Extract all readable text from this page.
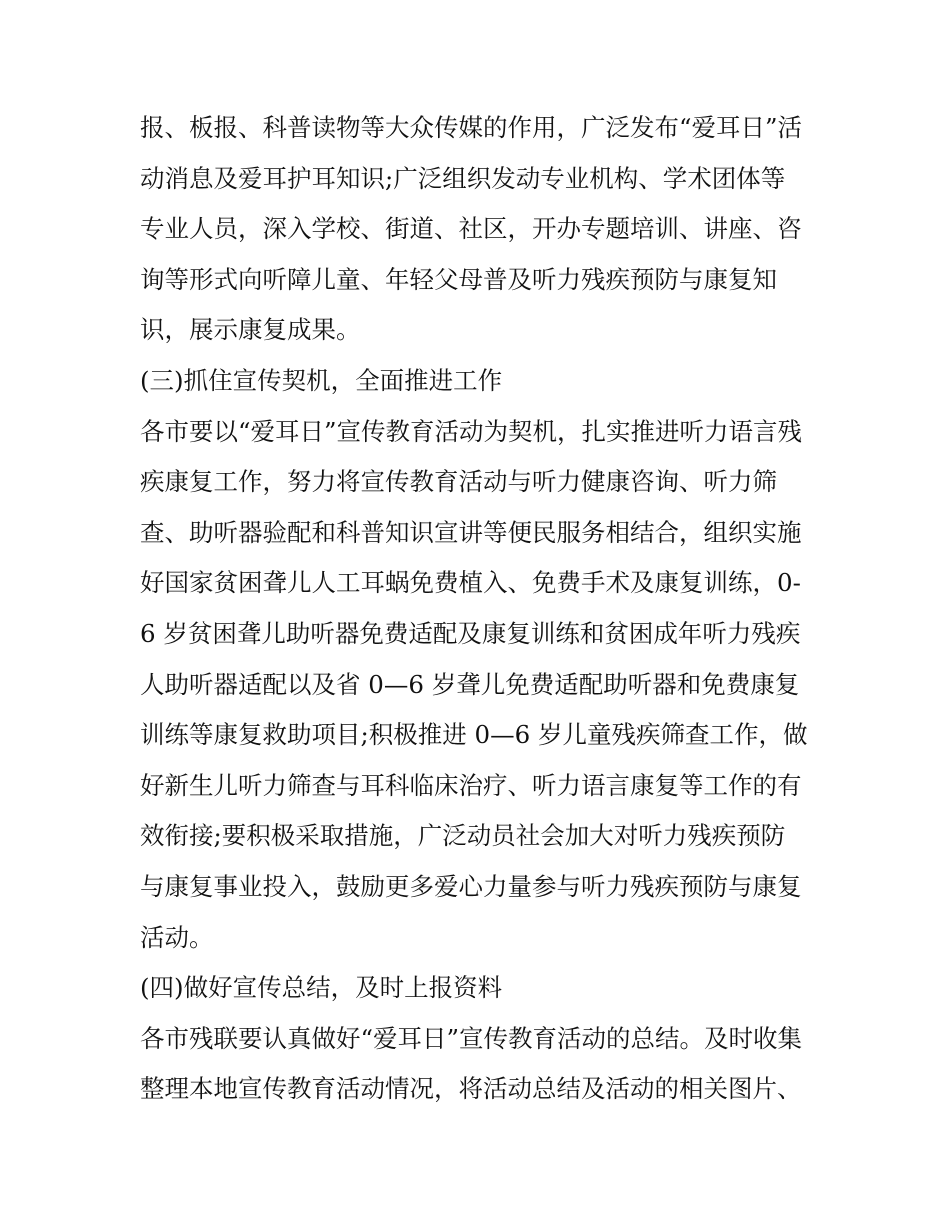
报、板报、科普读物等大众传媒的作用，广泛发布“爱耳日”活
动消息及爱耳护耳知识;广泛组织发动专业机构、学术团体等
专业人员，深入学校、街道、社区，开办专题培训、讲座、咨
询等形式向听障儿童、年轻父母普及听力残疾预防与康复知
识，展示康复成果。
(三)抓住宣传契机，全面推进工作
各市要以“爱耳日”宣传教育活动为契机，扎实推进听力语言残
疾康复工作，努力将宣传教育活动与听力健康咨询、听力筛
查、助听器验配和科普知识宣讲等便民服务相结合，组织实施
好国家贫困聋儿人工耳蜗免费植入、免费手术及康复训练，0-
6 岁贫困聋儿助听器免费适配及康复训练和贫困成年听力残疾
人助听器适配以及省 0—6 岁聋儿免费适配助听器和免费康复
训练等康复救助项目;积极推进 0—6 岁儿童残疾筛查工作，做
好新生儿听力筛查与耳科临床治疗、听力语言康复等工作的有
效衔接;要积极采取措施，广泛动员社会加大对听力残疾预防
与康复事业投入，鼓励更多爱心力量参与听力残疾预防与康复
活动。
(四)做好宣传总结，及时上报资料
各市残联要认真做好“爱耳日”宣传教育活动的总结。及时收集
整理本地宣传教育活动情况，将活动总结及活动的相关图片、
